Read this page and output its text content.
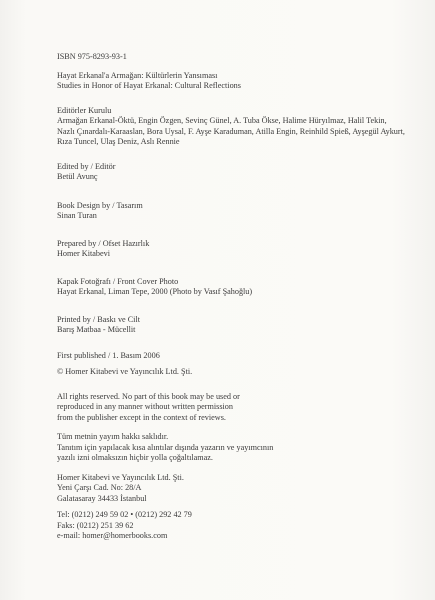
ISBN 975-8293-93-1
Hayat Erkanal'a Armağan: Kültürlerin Yansıması
Studies in Honor of Hayat Erkanal: Cultural Reflections
Editörler Kurulu
Armağan Erkanal-Öktü, Engin Özgen, Sevinç Günel, A. Tuba Ökse, Halime Hüryılmaz, Halil Tekin,
Nazlı Çınardalı-Karaaslan, Bora Uysal, F. Ayşe Karaduman, Atilla Engin, Reinhild Spieß, Ayşegül Aykurt,
Rıza Tuncel, Ulaş Deniz, Aslı Rennie
Edited by / Editör
Betül Avunç
Book Design by / Tasarım
Sinan Turan
Prepared by / Ofset Hazırlık
Homer Kitabevi
Kapak Fotoğrafı / Front Cover Photo
Hayat Erkanal, Liman Tepe, 2000 (Photo by Vasıf Şahoğlu)
Printed by / Baskı ve Cilt
Barış Matbaa - Mücellit
First published / 1. Basım 2006
© Homer Kitabevi ve Yayıncılık Ltd. Şti.
All rights reserved. No part of this book may be used or
reproduced in any manner without written permission
from the publisher except in the context of reviews.
Tüm metnin yayım hakkı saklıdır.
Tanıtım için yapılacak kısa alıntılar dışında yazarın ve yayımcının
yazılı izni olmaksızın hiçbir yolla çoğaltılamaz.
Homer Kitabevi ve Yayıncılık Ltd. Şti.
Yeni Çarşı Cad. No: 28/A
Galatasaray 34433 İstanbul
Tel: (0212) 249 59 02 • (0212) 292 42 79
Faks: (0212) 251 39 62
e-mail: homer@homerbooks.com
